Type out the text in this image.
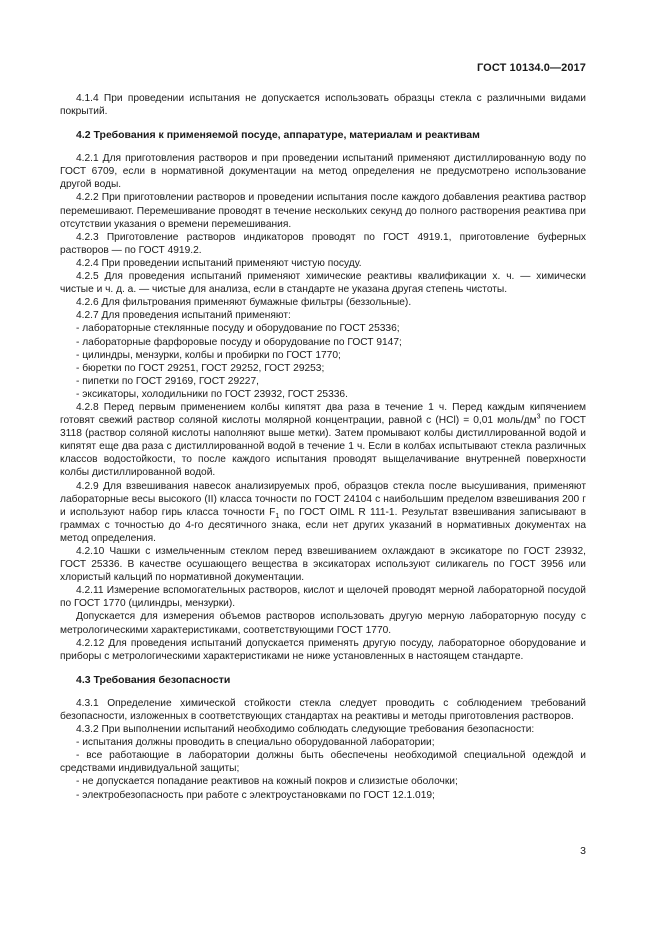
ГОСТ 10134.0—2017

4.1.4 При проведении испытания не допускается использовать образцы стекла с различными видами покрытий.

4.2 Требования к применяемой посуде, аппаратуре, материалам и реактивам

4.2.1 Для приготовления растворов и при проведении испытаний применяют дистиллированную воду по ГОСТ 6709, если в нормативной документации на метод определения не предусмотрено использование другой воды.

4.2.2 При приготовлении растворов и проведении испытания после каждого добавления реактива раствор перемешивают. Перемешивание проводят в течение нескольких секунд до полного растворения реактива при отсутствии указания о времени перемешивания.

4.2.3 Приготовление растворов индикаторов проводят по ГОСТ 4919.1, приготовление буферных растворов — по ГОСТ 4919.2.

4.2.4 При проведении испытаний применяют чистую посуду.

4.2.5 Для проведения испытаний применяют химические реактивы квалификации х. ч. — химически чистые и ч. д. а. — чистые для анализа, если в стандарте не указана другая степень чистоты.

4.2.6 Для фильтрования применяют бумажные фильтры (беззольные).

4.2.7 Для проведения испытаний применяют:

- лабораторные стеклянные посуду и оборудование по ГОСТ 25336;

- лабораторные фарфоровые посуду и оборудование по ГОСТ 9147;

- цилиндры, мензурки, колбы и пробирки по ГОСТ 1770;

- бюретки по ГОСТ 29251, ГОСТ 29252, ГОСТ 29253;

- пипетки по ГОСТ 29169, ГОСТ 29227,

- эксикаторы, холодильники по ГОСТ 23932, ГОСТ 25336.

4.2.8 Перед первым применением колбы кипятят два раза в течение 1 ч. Перед каждым кипячением готовят свежий раствор соляной кислоты молярной концентрации, равной c (HCl) = 0,01 моль/$дм^3$ по ГОСТ 3118 (раствор соляной кислоты наполняют выше метки). Затем промывают колбы дистиллированной водой и кипятят еще два раза с дистиллированной водой в течение 1 ч. Если в колбах испытывают стекла различных классов водостойкости, то после каждого испытания проводят выщелачивание внутренней поверхности колбы дистиллированной водой.

4.2.9 Для взвешивания навесок анализируемых проб, образцов стекла после высушивания, применяют лабораторные весы высокого (II) класса точности по ГОСТ 24104 с наибольшим пределом взвешивания 200 г и используют набор гирь класса точности $F_1$ по ГОСТ OIML R 111-1. Результат взвешивания записывают в граммах с точностью до 4-го десятичного знака, если нет других указаний в нормативных документах на метод определения.

4.2.10 Чашки с измельченным стеклом перед взвешиванием охлаждают в эксикаторе по ГОСТ 23932, ГОСТ 25336. В качестве осушающего вещества в эксикаторах используют силикагель по ГОСТ 3956 или хлористый кальций по нормативной документации.

4.2.11 Измерение вспомогательных растворов, кислот и щелочей проводят мерной лабораторной посудой по ГОСТ 1770 (цилиндры, мензурки).

Допускается для измерения объемов растворов использовать другую мерную лабораторную посуду с метрологическими характеристиками, соответствующими ГОСТ 1770.

4.2.12 Для проведения испытаний допускается применять другую посуду, лабораторное оборудование и приборы с метрологическими характеристиками не ниже установленных в настоящем стандарте.

4.3 Требования безопасности

4.3.1 Определение химической стойкости стекла следует проводить с соблюдением требований безопасности, изложенных в соответствующих стандартах на реактивы и методы приготовления растворов.

4.3.2 При выполнении испытаний необходимо соблюдать следующие требования безопасности:

- испытания должны проводить в специально оборудованной лаборатории;

- все работающие в лаборатории должны быть обеспечены необходимой специальной одеждой и средствами индивидуальной защиты;

- не допускается попадание реактивов на кожный покров и слизистые оболочки;

- электробезопасность при работе с электроустановками по ГОСТ 12.1.019;

3
